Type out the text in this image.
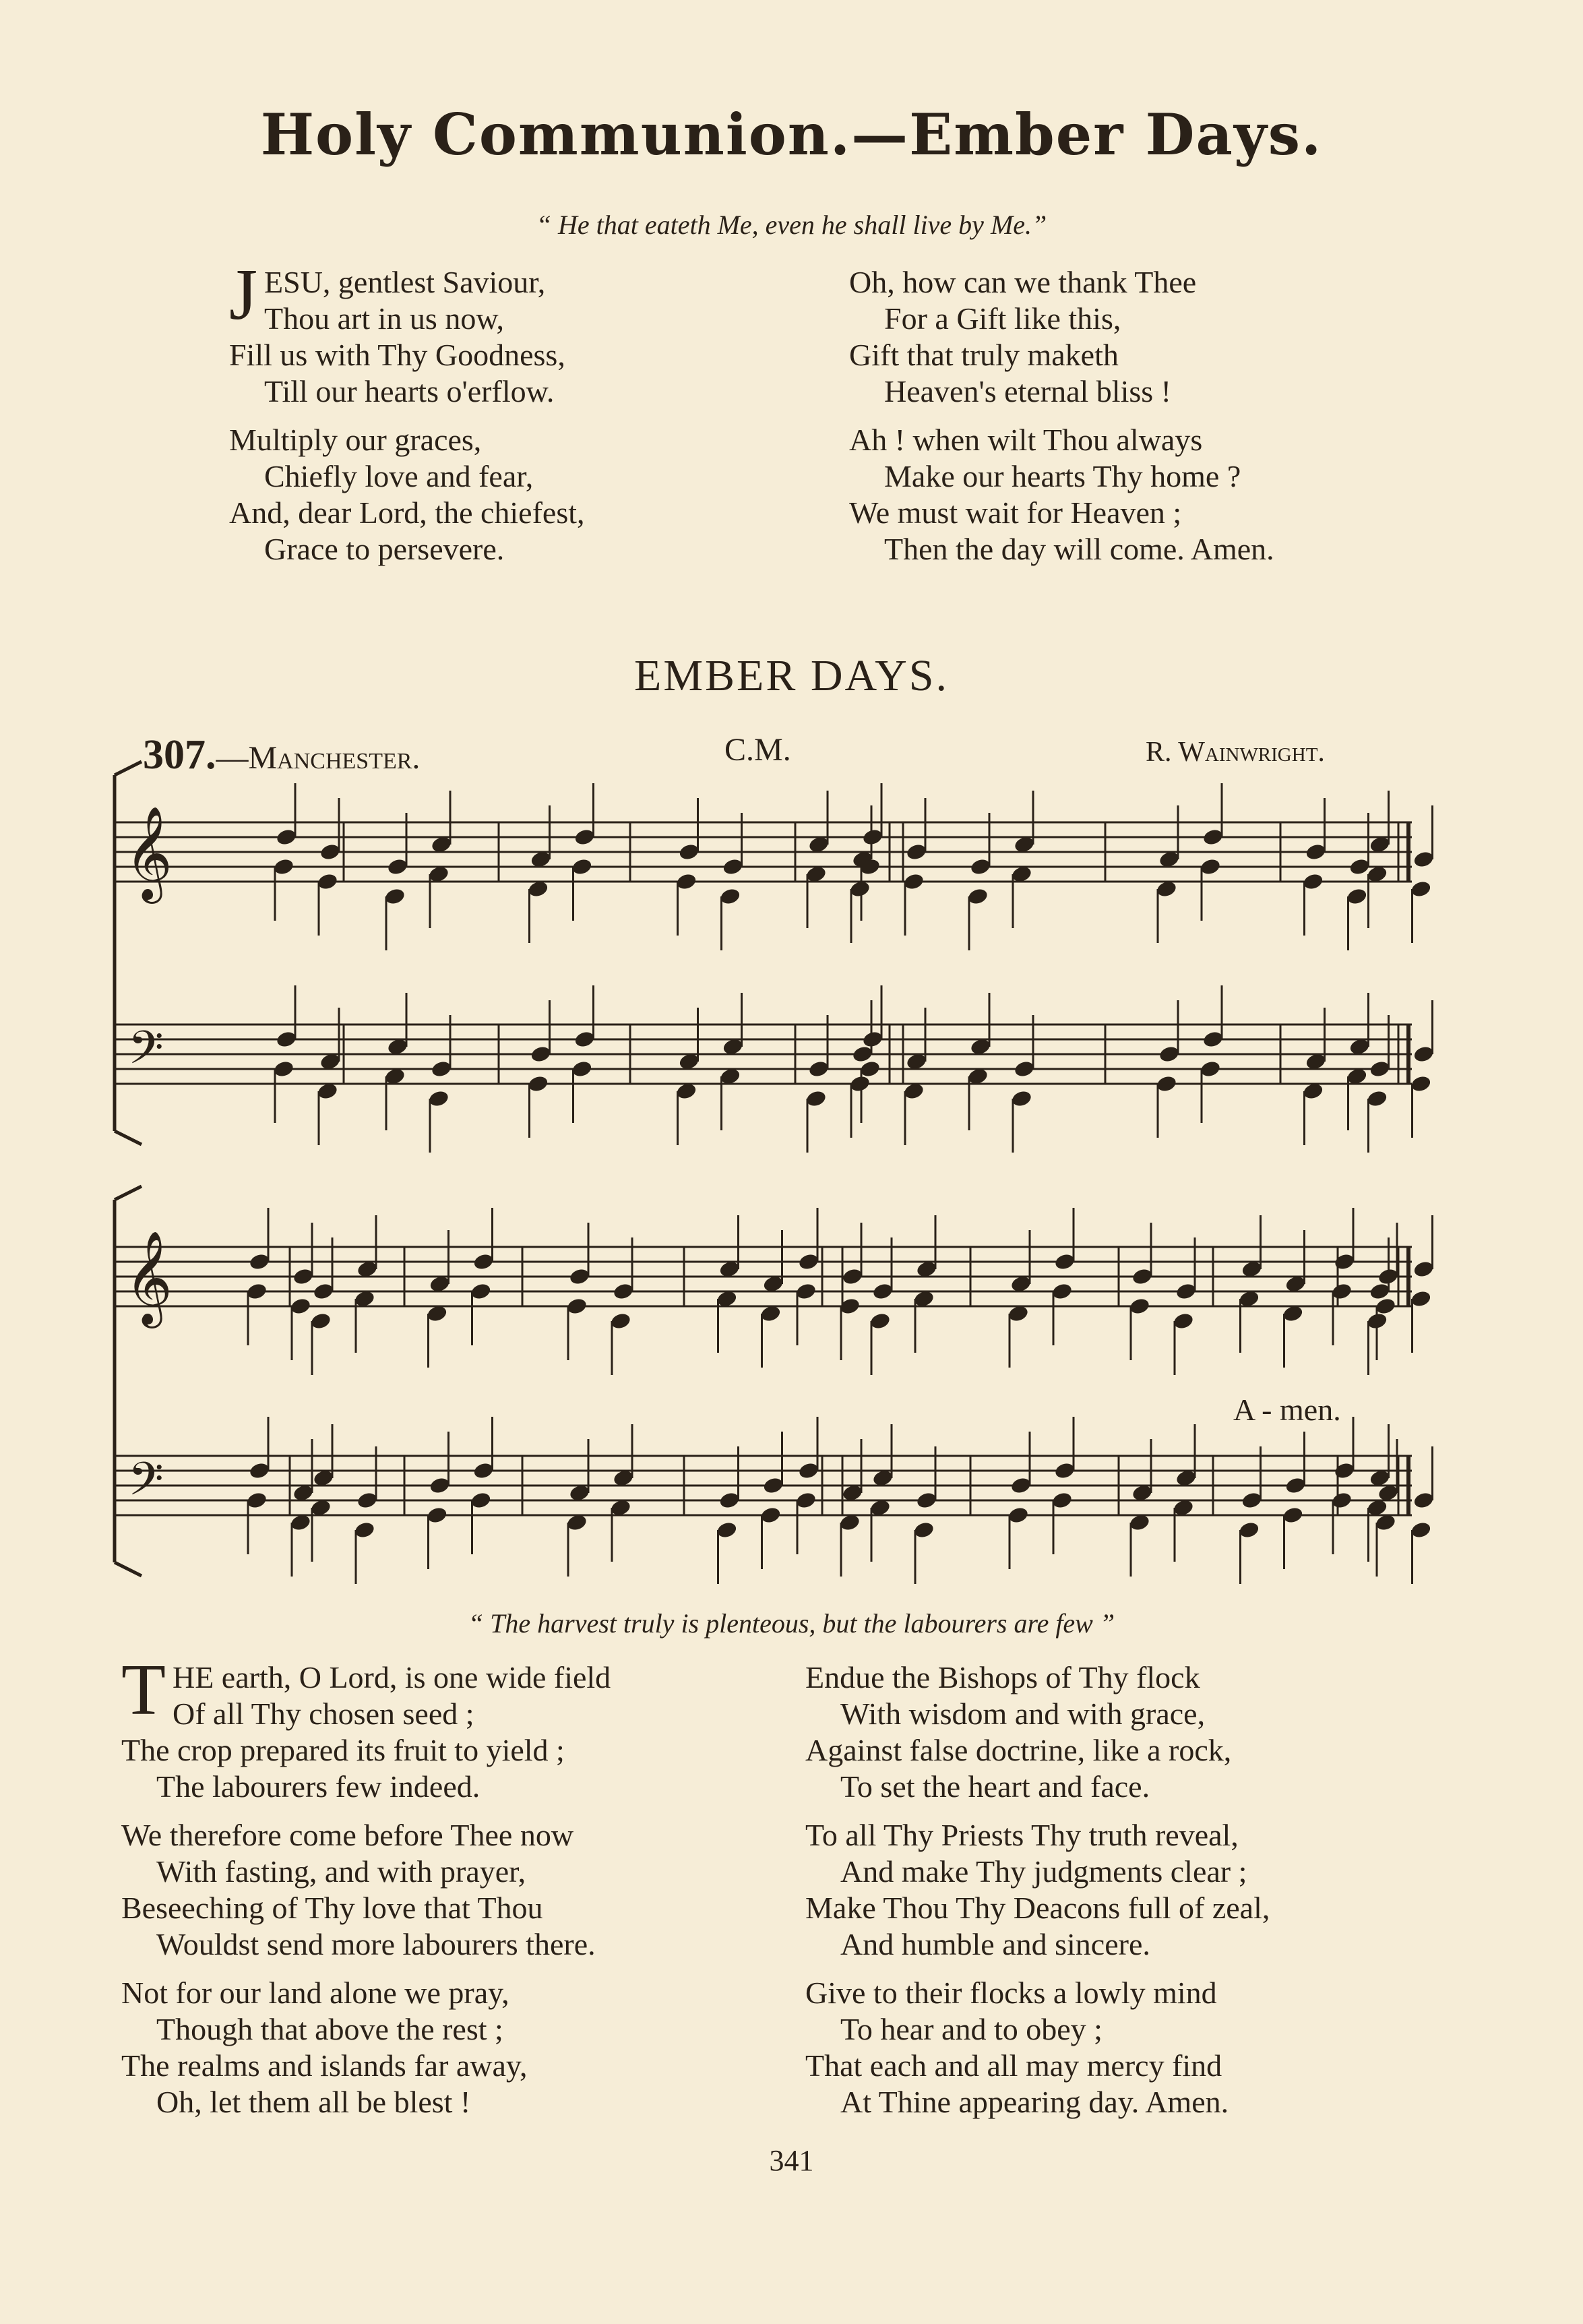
Holy Communion.—Ember Days.
“ He that eateth Me, even he shall live by Me.”
J ESU, gentlest Saviour,
Thou art in us now,
Fill us with Thy Goodness,
Till our hearts o'erflow.
Multiply our graces,
Chiefly love and fear,
And, dear Lord, the chiefest,
Grace to persevere.
Oh, how can we thank Thee
For a Gift like this,
Gift that truly maketh
Heaven's eternal bliss !
Ah ! when wilt Thou always
Make our hearts Thy home ?
We must wait for Heaven ;
Then the day will come. Amen.
EMBER DAYS.
307.—Manchester.	C.M.	R. Wainwright.
𝄞
𝄢
𝄞
𝄢
A - men.
“ The harvest truly is plenteous, but the labourers are few ”
T HE earth, O Lord, is one wide field
Of all Thy chosen seed ;
The crop prepared its fruit to yield ;
The labourers few indeed.
We therefore come before Thee now
With fasting, and with prayer,
Beseeching of Thy love that Thou
Wouldst send more labourers there.
Not for our land alone we pray,
Though that above the rest ;
The realms and islands far away,
Oh, let them all be blest !
Endue the Bishops of Thy flock
With wisdom and with grace,
Against false doctrine, like a rock,
To set the heart and face.
To all Thy Priests Thy truth reveal,
And make Thy judgments clear ;
Make Thou Thy Deacons full of zeal,
And humble and sincere.
Give to their flocks a lowly mind
To hear and to obey ;
That each and all may mercy find
At Thine appearing day. Amen.
341
